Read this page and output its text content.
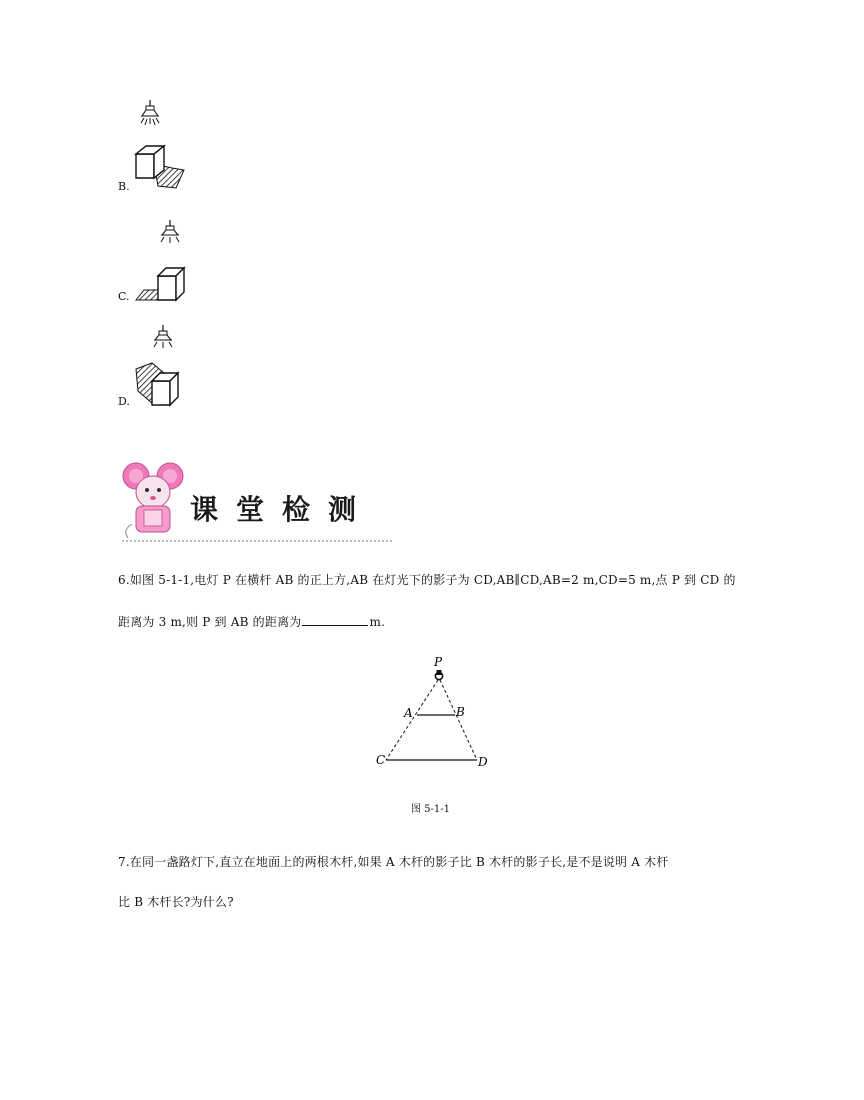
B.
C.
D.
课堂检测
6.如图 5-1-1,电灯 P 在横杆 AB 的正上方,AB 在灯光下的影子为 CD,AB∥CD,AB=2 m,CD=5 m,点 P 到 CD 的
距离为 3 m,则 P 到 AB 的距离为	m.
P
A	B
C	D
图 5-1-1
7.在同一盏路灯下,直立在地面上的两根木杆,如果 A 木杆的影子比 B 木杆的影子长,是不是说明 A 木杆
比 B 木杆长?为什么?
